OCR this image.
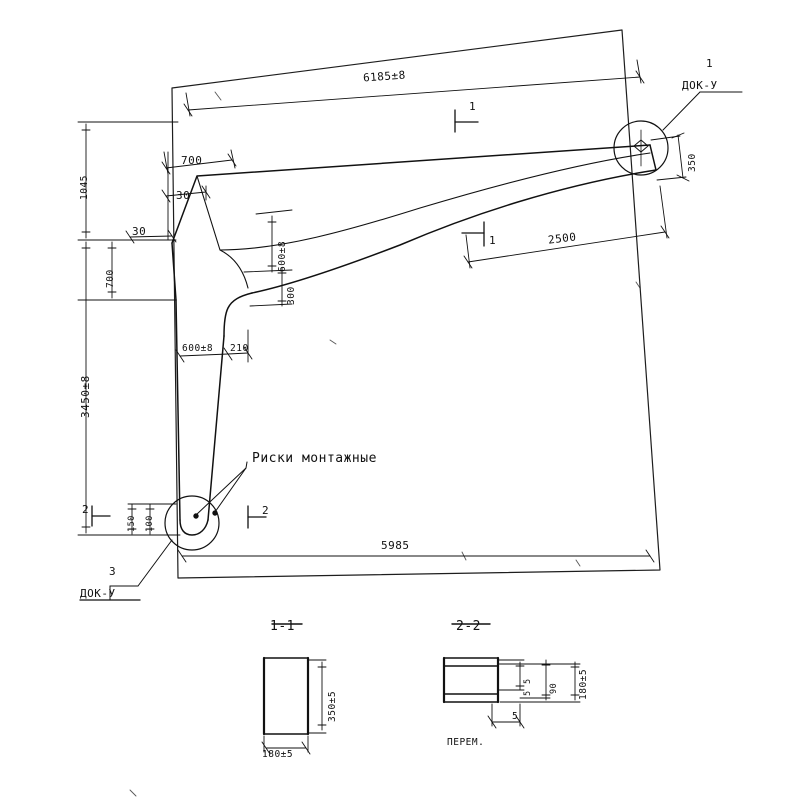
6185±8
1
ДОК-У
350
2500
1
1
1045
700
3450±8
5985
700
30
30
600±8
300
600±8 210
150 100
Риски монтажные
2	2
3
ДОК-У
1-1	2-2
350±5
180±5
5
5 90 180±5
5
ПЕРЕМ.
